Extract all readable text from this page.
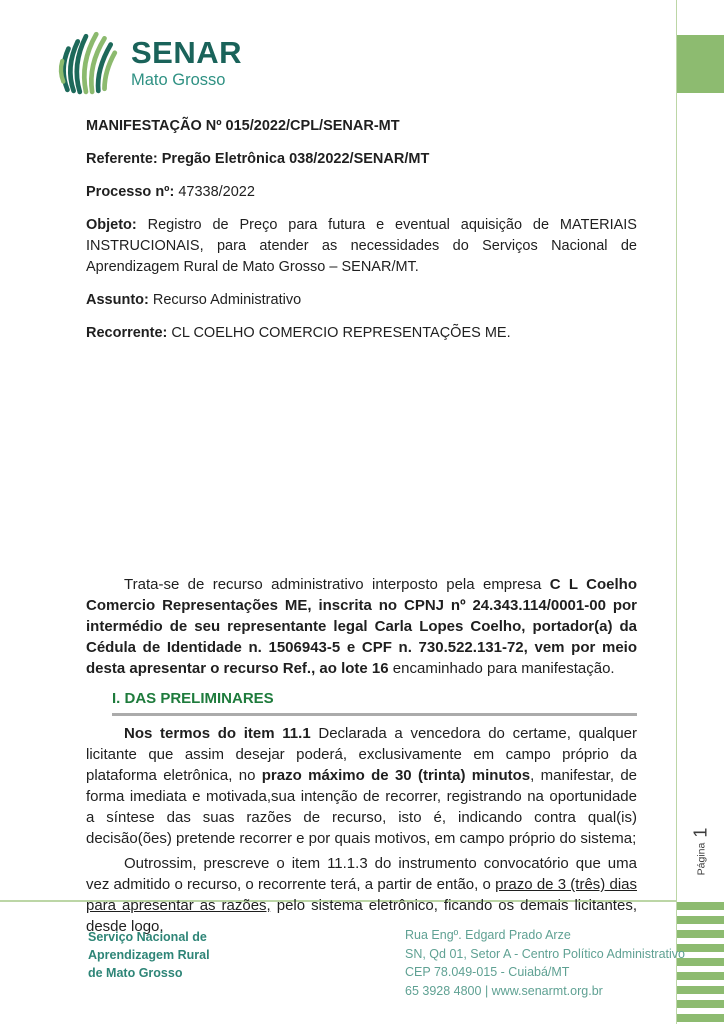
Página
1
SENAR
Mato Grosso

MANIFESTAÇÃO Nº 015/2022/CPL/SENAR-MT

Referente: Pregão Eletrônica 038/2022/SENAR/MT

Processo nº: 47338/2022

Objeto: Registro de Preço para futura e eventual aquisição de MATERIAIS INSTRUCIONAIS, para atender as necessidades do Serviços Nacional de Aprendizagem Rural de Mato Grosso – SENAR/MT.

Assunto: Recurso Administrativo

Recorrente: CL COELHO COMERCIO REPRESENTAÇÕES ME.

Trata-se de recurso administrativo interposto pela empresa C L Coelho Comercio Representações ME, inscrita no CPNJ nº 24.343.114/0001-00 por intermédio de seu representante legal Carla Lopes Coelho, portador(a) da Cédula de Identidade n. 1506943-5 e CPF n. 730.522.131-72, vem por meio desta apresentar o recurso Ref., ao lote 16 encaminhado para manifestação.

I. DAS PRELIMINARES

Nos termos do item 11.1 Declarada a vencedora do certame, qualquer licitante que assim desejar poderá, exclusivamente em campo próprio da plataforma eletrônica, no prazo máximo de 30 (trinta) minutos, manifestar, de forma imediata e motivada,sua intenção de recorrer, registrando na oportunidade a síntese das suas razões de recurso, isto é, indicando contra qual(is) decisão(ões) pretende recorrer e por quais motivos, em campo próprio do sistema;

Outrossim, prescreve o item 11.1.3 do instrumento convocatório que uma vez admitido o recurso, o recorrente terá, a partir de então, o prazo de 3 (três) dias para apresentar as razões, pelo sistema eletrônico, ficando os demais licitantes, desde logo,

Serviço Nacional de
Aprendizagem Rural
de Mato Grosso
Rua Engº. Edgard Prado Arze
SN, Qd 01, Setor A - Centro Político Administrativo
CEP 78.049-015 - Cuiabá/MT
65 3928 4800 | www.senarmt.org.br
